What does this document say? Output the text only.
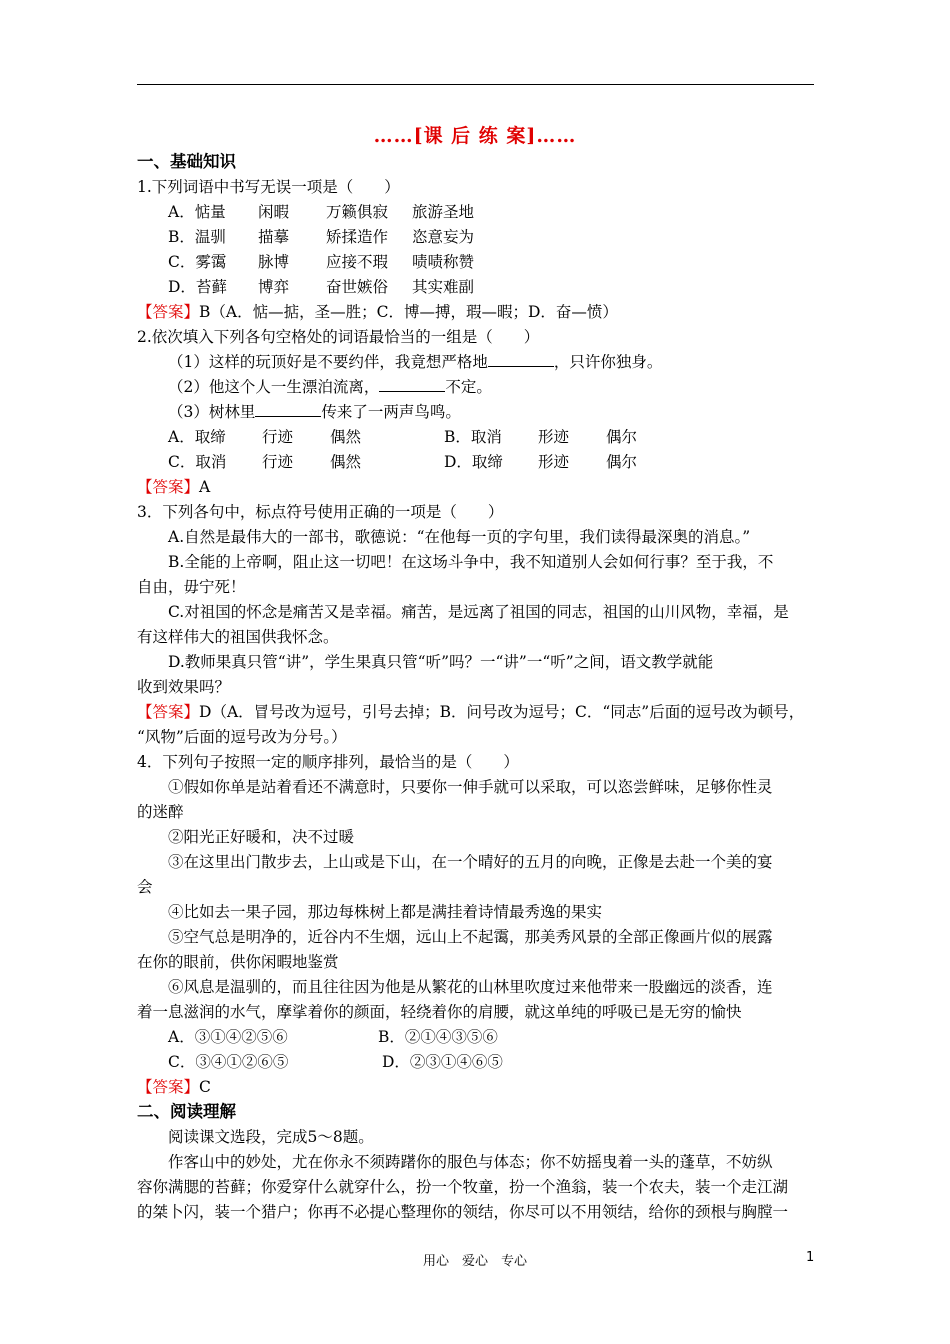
……[课 后 练 案]……
一、基础知识
1.下列词语中书写无误一项是（　　）
A．惦量 闲暇 万籁俱寂 旅游圣地
B．温驯 描摹 矫揉造作 恣意妄为
C．雾霭 脉博 应接不瑕 啧啧称赞
D．苔藓 博弈 奋世嫉俗 其实难副
【答案】B（A．惦—掂，圣—胜；C．博—搏，瑕—暇；D．奋—愤）
2.依次填入下列各句空格处的词语最恰当的一组是（　　）
（1）这样的玩顶好是不要约伴，我竟想严格地	，只许你独身。
（2）他这个人一生漂泊流离，	不定。
（3）树林里	传来了一两声鸟鸣。
A．取缔 行迹 偶然	B．取消 形迹 偶尔
C．取消 行迹 偶然	D．取缔 形迹 偶尔
【答案】A
3．下列各句中，标点符号使用正确的一项是（　　）
A.自然是最伟大的一部书，歌德说：“在他每一页的字句里，我们读得最深奥的消息。”
B.全能的上帝啊，阻止这一切吧！在这场斗争中，我不知道别人会如何行事？至于我，不
自由，毋宁死！
C.对祖国的怀念是痛苦又是幸福。痛苦，是远离了祖国的同志，祖国的山川风物，幸福，是
有这样伟大的祖国供我怀念。
D.教师果真只管“讲”，学生果真只管“听”吗？一“讲”一“听”之间，语文教学就能
收到效果吗？
【答案】D（A．冒号改为逗号，引号去掉；B．问号改为逗号；C．“同志”后面的逗号改为顿号，
“风物”后面的逗号改为分号。）
4．下列句子按照一定的顺序排列，最恰当的是（　　）
①假如你单是站着看还不满意时，只要你一伸手就可以采取，可以恣尝鲜味，足够你性灵
的迷醉
②阳光正好暖和，决不过暖
③在这里出门散步去，上山或是下山，在一个晴好的五月的向晚，正像是去赴一个美的宴
会
④比如去一果子园，那边每株树上都是满挂着诗情最秀逸的果实
⑤空气总是明净的，近谷内不生烟，远山上不起霭，那美秀风景的全部正像画片似的展露
在你的眼前，供你闲暇地鉴赏
⑥风息是温驯的，而且往往因为他是从繁花的山林里吹度过来他带来一股幽远的淡香，连
着一息滋润的水气，摩挲着你的颜面，轻绕着你的肩腰，就这单纯的呼吸已是无穷的愉快
A．③①④②⑤⑥	B．②①④③⑤⑥
C．③④①②⑥⑤	D．②③①④⑥⑤
【答案】C
二、阅读理解
阅读课文选段，完成5～8题。
作客山中的妙处，尤在你永不须踌躇你的服色与体态；你不妨摇曳着一头的蓬草，不妨纵
容你满腮的苔藓；你爱穿什么就穿什么，扮一个牧童，扮一个渔翁，装一个农夫，装一个走江湖
的桀卜闪，装一个猎户；你再不必提心整理你的领结，你尽可以不用领结，给你的颈根与胸膛一
用心　爱心　专心	1
